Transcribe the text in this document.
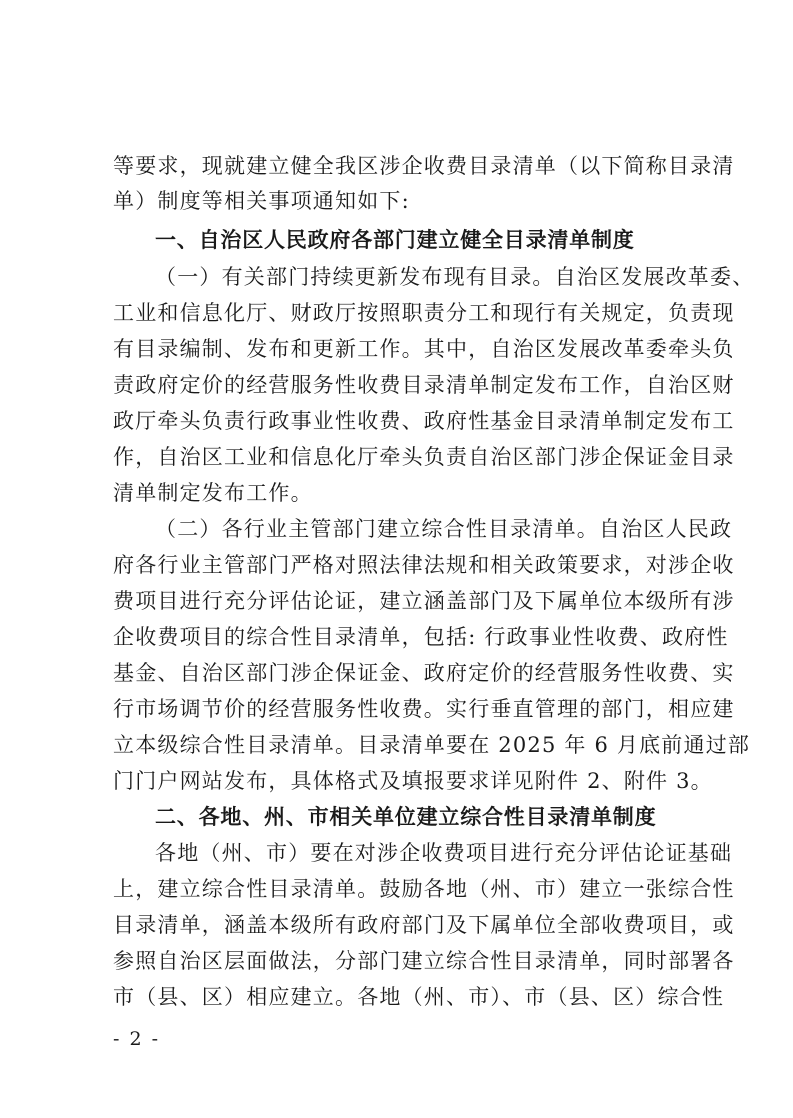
等要求，现就建立健全我区涉企收费目录清单（以下简称目录清
单）制度等相关事项通知如下:
一、自治区人民政府各部门建立健全目录清单制度
（一）有关部门持续更新发布现有目录。自治区发展改革委、
工业和信息化厅、财政厅按照职责分工和现行有关规定，负责现
有目录编制、发布和更新工作。其中，自治区发展改革委牵头负
责政府定价的经营服务性收费目录清单制定发布工作，自治区财
政厅牵头负责行政事业性收费、政府性基金目录清单制定发布工
作，自治区工业和信息化厅牵头负责自治区部门涉企保证金目录
清单制定发布工作。
（二）各行业主管部门建立综合性目录清单。自治区人民政
府各行业主管部门严格对照法律法规和相关政策要求，对涉企收
费项目进行充分评估论证，建立涵盖部门及下属单位本级所有涉
企收费项目的综合性目录清单，包括: 行政事业性收费、政府性
基金、自治区部门涉企保证金、政府定价的经营服务性收费、实
行市场调节价的经营服务性收费。实行垂直管理的部门，相应建
立本级综合性目录清单。目录清单要在 2025 年 6 月底前通过部
门门户网站发布，具体格式及填报要求详见附件 2、附件 3。
二、各地、州、市相关单位建立综合性目录清单制度
各地（州、市）要在对涉企收费项目进行充分评估论证基础
上，建立综合性目录清单。鼓励各地（州、市）建立一张综合性
目录清单，涵盖本级所有政府部门及下属单位全部收费项目，或
参照自治区层面做法，分部门建立综合性目录清单，同时部署各
市（县、区）相应建立。各地（州、市）、市（县、区）综合性
- 2 -
